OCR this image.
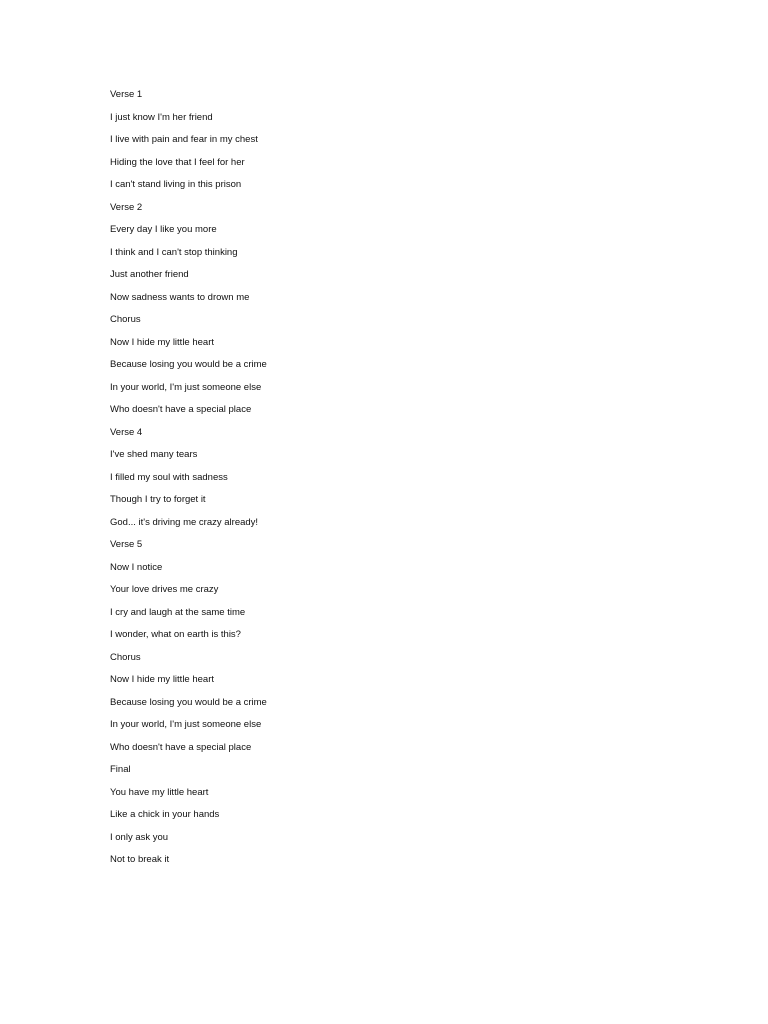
Verse 1
I just know I'm her friend
I live with pain and fear in my chest
Hiding the love that I feel for her
I can't stand living in this prison
Verse 2
Every day I like you more
I think and I can't stop thinking
Just another friend
Now sadness wants to drown me
Chorus
Now I hide my little heart
Because losing you would be a crime
In your world, I'm just someone else
Who doesn't have a special place
Verse 4
I've shed many tears
I filled my soul with sadness
Though I try to forget it
God... it's driving me crazy already!
Verse 5
Now I notice
Your love drives me crazy
I cry and laugh at the same time
I wonder, what on earth is this?
Chorus
Now I hide my little heart
Because losing you would be a crime
In your world, I'm just someone else
Who doesn't have a special place
Final
You have my little heart
Like a chick in your hands
I only ask you
Not to break it
